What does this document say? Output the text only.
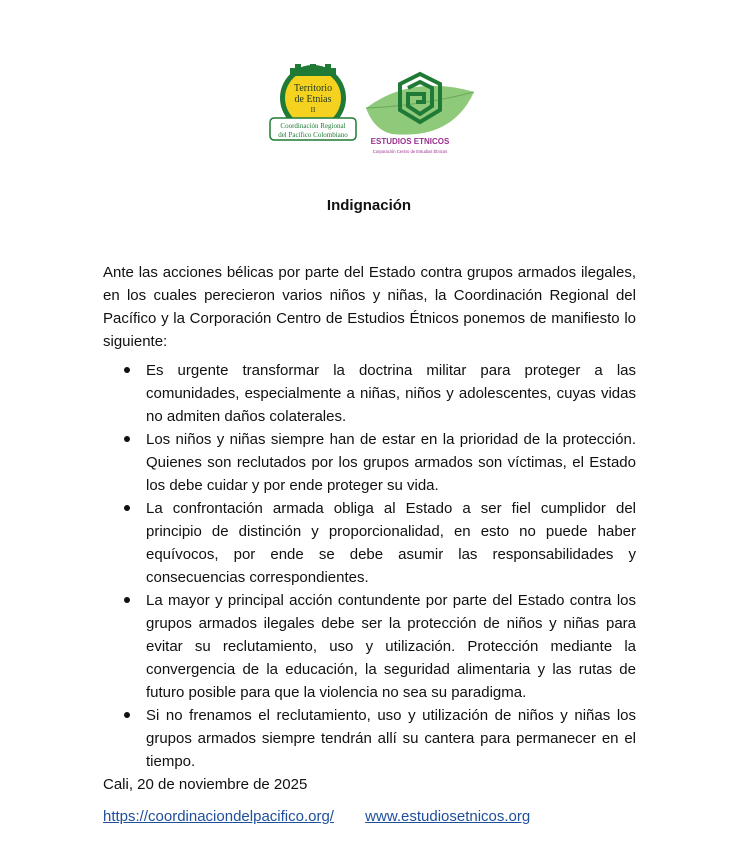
Territorio
de Etnias
II
Coordinación Regional
del Pacífico Colombiano
ESTUDIOS ETNICOS
Corporación Centro de Estudios Étnicos
Indignación

Ante las acciones bélicas por parte del Estado contra grupos armados ilegales, en los cuales perecieron varios niños y niñas, la Coordinación Regional del Pacífico y la Corporación Centro de Estudios Étnicos ponemos de manifiesto lo siguiente:

Es urgente transformar la doctrina militar para proteger a las comunidades, especialmente a niñas, niños y adolescentes, cuyas vidas no admiten daños colaterales.
Los niños y niñas siempre han de estar en la prioridad de la protección. Quienes son reclutados por los grupos armados son víctimas, el Estado los debe cuidar y por ende proteger su vida.
La confrontación armada obliga al Estado a ser fiel cumplidor del principio de distinción y proporcionalidad, en esto no puede haber equívocos, por ende se debe asumir las responsabilidades y consecuencias correspondientes.
La mayor y principal acción contundente por parte del Estado contra los grupos armados ilegales debe ser la protección de niños y niñas para evitar su reclutamiento, uso y utilización. Protección mediante la convergencia de la educación, la seguridad alimentaria y las rutas de futuro posible para que la violencia no sea su paradigma.
Si no frenamos el reclutamiento, uso y utilización de niños y niñas los grupos armados siempre tendrán allí su cantera para permanecer en el tiempo.
Cali, 20 de noviembre de 2025
https://coordinaciondelpacifico.org/ www.estudiosetnicos.org
